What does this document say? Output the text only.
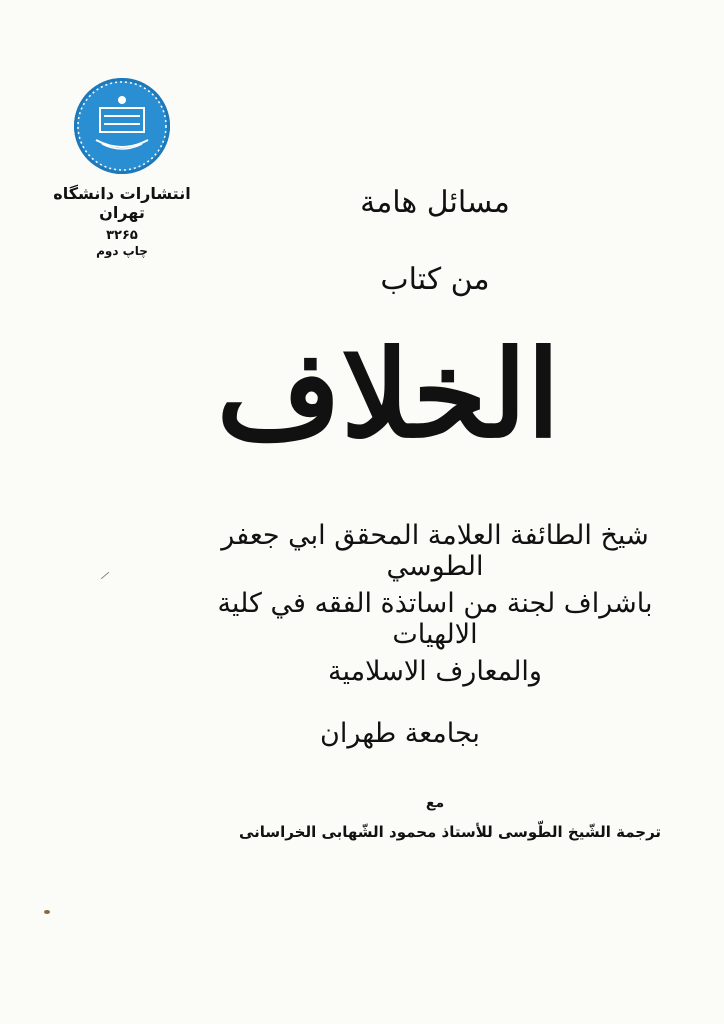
انتشارات دانشگاه تهران
۳۲۶۵
چاپ دوم
مسائل هامة
من كتاب
الخلاف
شيخ الطائفة العلامة المحقق ابي جعفر الطوسي
باشراف لجنة من اساتذة الفقه في كلية الالهيات
والمعارف الاسلامية
بجامعة طهران
مع
ترجمة الشّيخ الطّوسى للأستاذ محمود الشّهابى الخراسانى
